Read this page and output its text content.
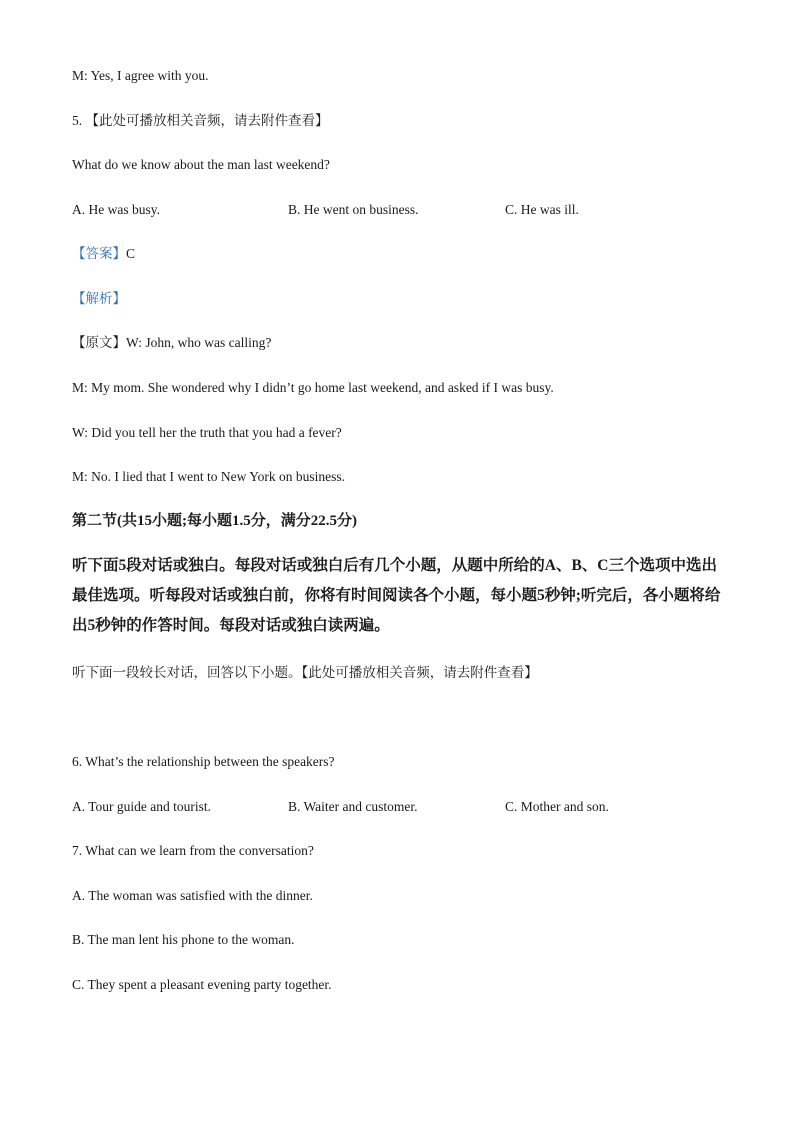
M: Yes, I agree with you.
5. 【此处可播放相关音频，请去附件查看】
What do we know about the man last weekend?
A. He was busy.	B. He went on business.	C. He was ill.
【答案】C
【解析】
【原文】W: John, who was calling?
M: My mom. She wondered why I didn’t go home last weekend, and asked if I was busy.
W: Did you tell her the truth that you had a fever?
M: No. I lied that I went to New York on business.
第二节(共15小题;每小题1.5分，满分22.5分)
听下面5段对话或独白。每段对话或独白后有几个小题，从题中所给的A、B、C三个选项中选出最佳选项。听每段对话或独白前，你将有时间阅读各个小题，每小题5秒钟;听完后，各小题将给出5秒钟的作答时间。每段对话或独白读两遍。
听下面一段较长对话，回答以下小题。【此处可播放相关音频，请去附件查看】
6. What’s the relationship between the speakers?
A. Tour guide and tourist.	B. Waiter and customer.	C. Mother and son.
7. What can we learn from the conversation?
A. The woman was satisfied with the dinner.
B. The man lent his phone to the woman.
C. They spent a pleasant evening party together.
